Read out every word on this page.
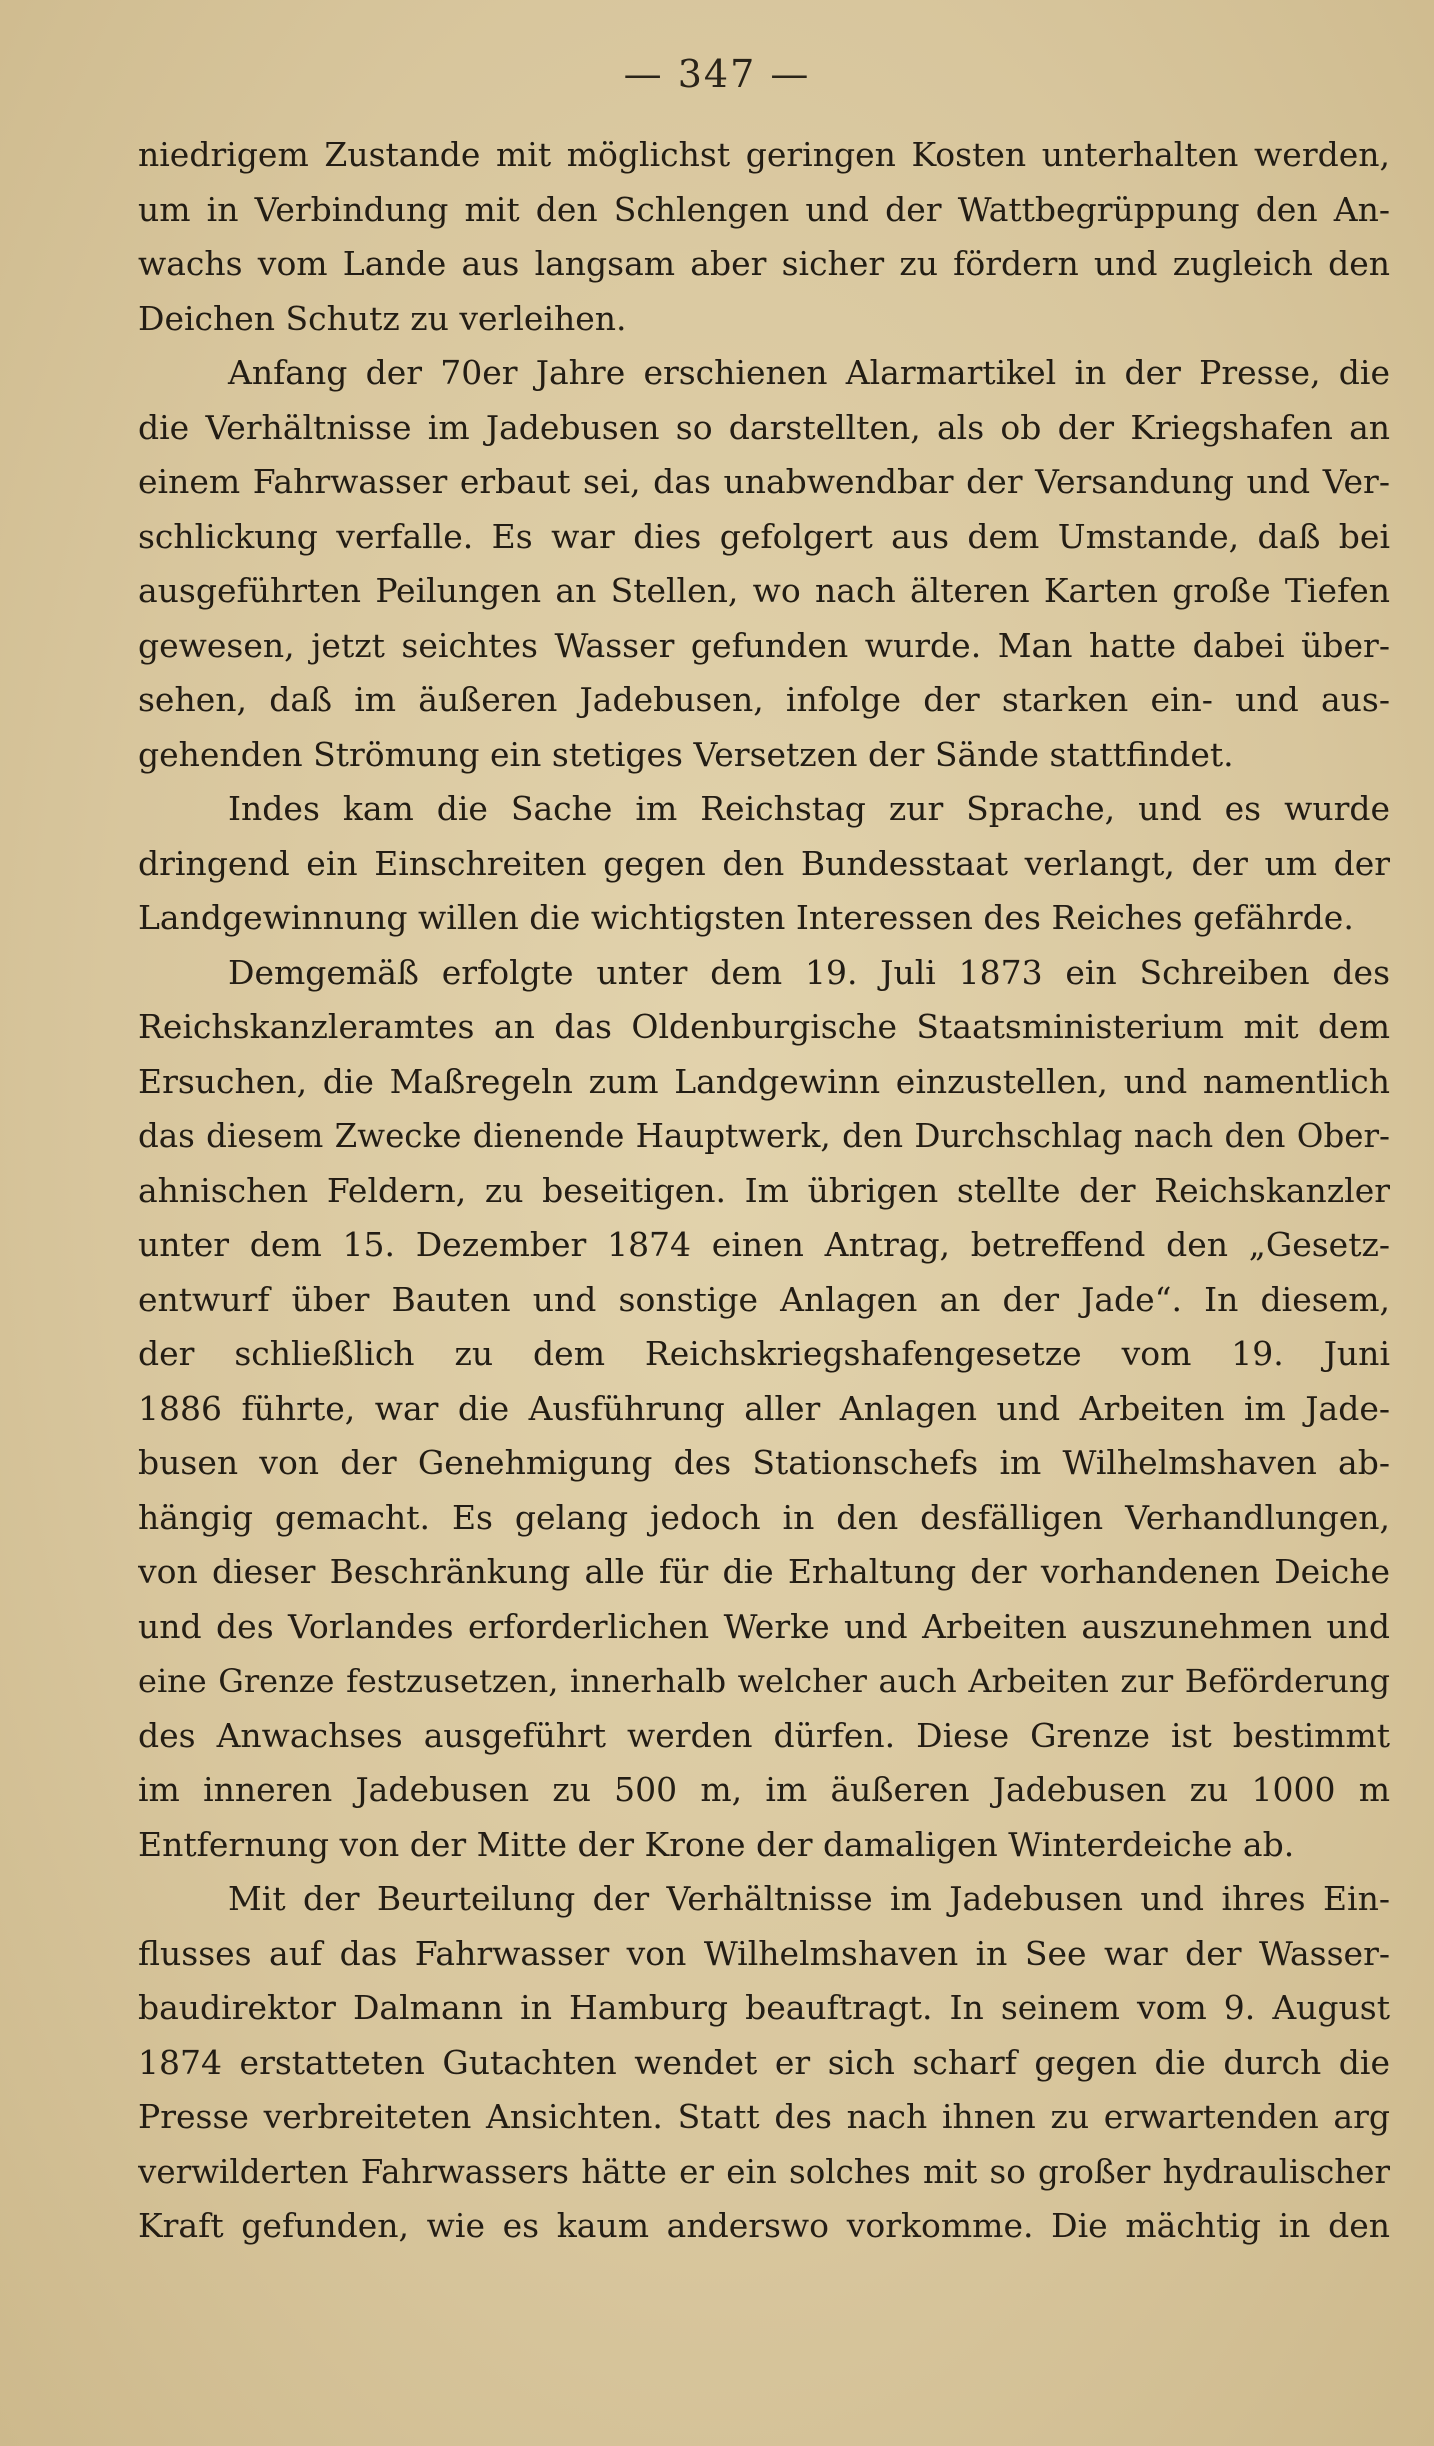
— 347 —
niedrigem Zustande mit möglichst geringen Kosten unterhalten werden,
um in Verbindung mit den Schlengen und der Wattbegrüppung den An-
wachs vom Lande aus langsam aber sicher zu fördern und zugleich den
Deichen Schutz zu verleihen.
Anfang der 70er Jahre erschienen Alarmartikel in der Presse, die
die Verhältnisse im Jadebusen so darstellten, als ob der Kriegshafen an
einem Fahrwasser erbaut sei, das unabwendbar der Versandung und Ver-
schlickung verfalle. Es war dies gefolgert aus dem Umstande, daß bei
ausgeführten Peilungen an Stellen, wo nach älteren Karten große Tiefen
gewesen, jetzt seichtes Wasser gefunden wurde. Man hatte dabei über-
sehen, daß im äußeren Jadebusen, infolge der starken ein- und aus-
gehenden Strömung ein stetiges Versetzen der Sände stattfindet.
Indes kam die Sache im Reichstag zur Sprache, und es wurde
dringend ein Einschreiten gegen den Bundesstaat verlangt, der um der
Landgewinnung willen die wichtigsten Interessen des Reiches gefährde.
Demgemäß erfolgte unter dem 19. Juli 1873 ein Schreiben des
Reichskanzleramtes an das Oldenburgische Staatsministerium mit dem
Ersuchen, die Maßregeln zum Landgewinn einzustellen, und namentlich
das diesem Zwecke dienende Hauptwerk, den Durchschlag nach den Ober-
ahnischen Feldern, zu beseitigen. Im übrigen stellte der Reichskanzler
unter dem 15. Dezember 1874 einen Antrag, betreffend den „Gesetz-
entwurf über Bauten und sonstige Anlagen an der Jade“. In diesem,
der schließlich zu dem Reichskriegshafengesetze vom 19. Juni
1886 führte, war die Ausführung aller Anlagen und Arbeiten im Jade-
busen von der Genehmigung des Stationschefs im Wilhelmshaven ab-
hängig gemacht. Es gelang jedoch in den desfälligen Verhandlungen,
von dieser Beschränkung alle für die Erhaltung der vorhandenen Deiche
und des Vorlandes erforderlichen Werke und Arbeiten auszunehmen und
eine Grenze festzusetzen, innerhalb welcher auch Arbeiten zur Beförderung
des Anwachses ausgeführt werden dürfen. Diese Grenze ist bestimmt
im inneren Jadebusen zu 500 m, im äußeren Jadebusen zu 1000 m
Entfernung von der Mitte der Krone der damaligen Winterdeiche ab.
Mit der Beurteilung der Verhältnisse im Jadebusen und ihres Ein-
flusses auf das Fahrwasser von Wilhelmshaven in See war der Wasser-
baudirektor Dalmann in Hamburg beauftragt. In seinem vom 9. August
1874 erstatteten Gutachten wendet er sich scharf gegen die durch die
Presse verbreiteten Ansichten. Statt des nach ihnen zu erwartenden arg
verwilderten Fahrwassers hätte er ein solches mit so großer hydraulischer
Kraft gefunden, wie es kaum anderswo vorkomme. Die mächtig in den
